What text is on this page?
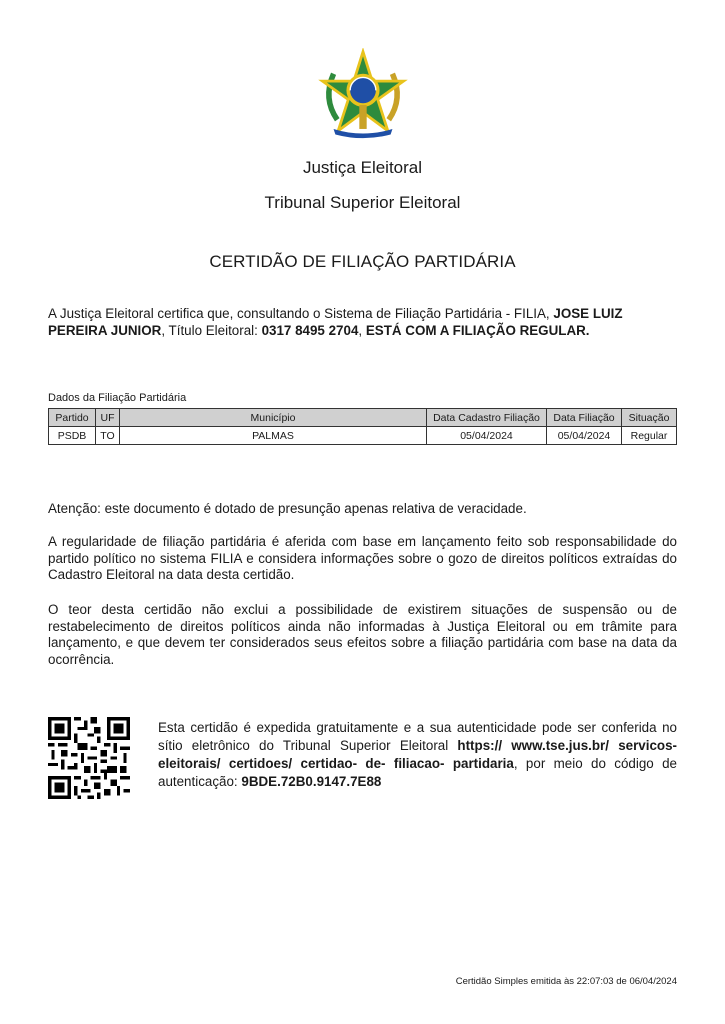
Justiça Eleitoral
Tribunal Superior Eleitoral
CERTIDÃO DE FILIAÇÃO PARTIDÁRIA
A Justiça Eleitoral certifica que, consultando o Sistema de Filiação Partidária - FILIA, JOSE LUIZ PEREIRA JUNIOR, Título Eleitoral: 0317 8495 2704, ESTÁ COM A FILIAÇÃO REGULAR.
Dados da Filiação Partidária
Partido	UF	Município	Data Cadastro Filiação	Data Filiação	Situação
PSDB	TO	PALMAS	05/04/2024	05/04/2024	Regular
Atenção: este documento é dotado de presunção apenas relativa de veracidade.
A regularidade de filiação partidária é aferida com base em lançamento feito sob responsabilidade do partido político no sistema FILIA e considera informações sobre o gozo de direitos políticos extraídas do Cadastro Eleitoral na data desta certidão.
O teor desta certidão não exclui a possibilidade de existirem situações de suspensão ou de restabelecimento de direitos políticos ainda não informadas à Justiça Eleitoral ou em trâmite para lançamento, e que devem ter considerados seus efeitos sobre a filiação partidária com base na data da ocorrência.
Esta certidão é expedida gratuitamente e a sua autenticidade pode ser conferida no sítio eletrônico do Tribunal Superior Eleitoral https:// www.tse.jus.br/ servicos- eleitorais/ certidoes/ certidao- de- filiacao- partidaria, por meio do código de autenticação: 9BDE.72B0.9147.7E88
Certidão Simples emitida às 22:07:03 de 06/04/2024
